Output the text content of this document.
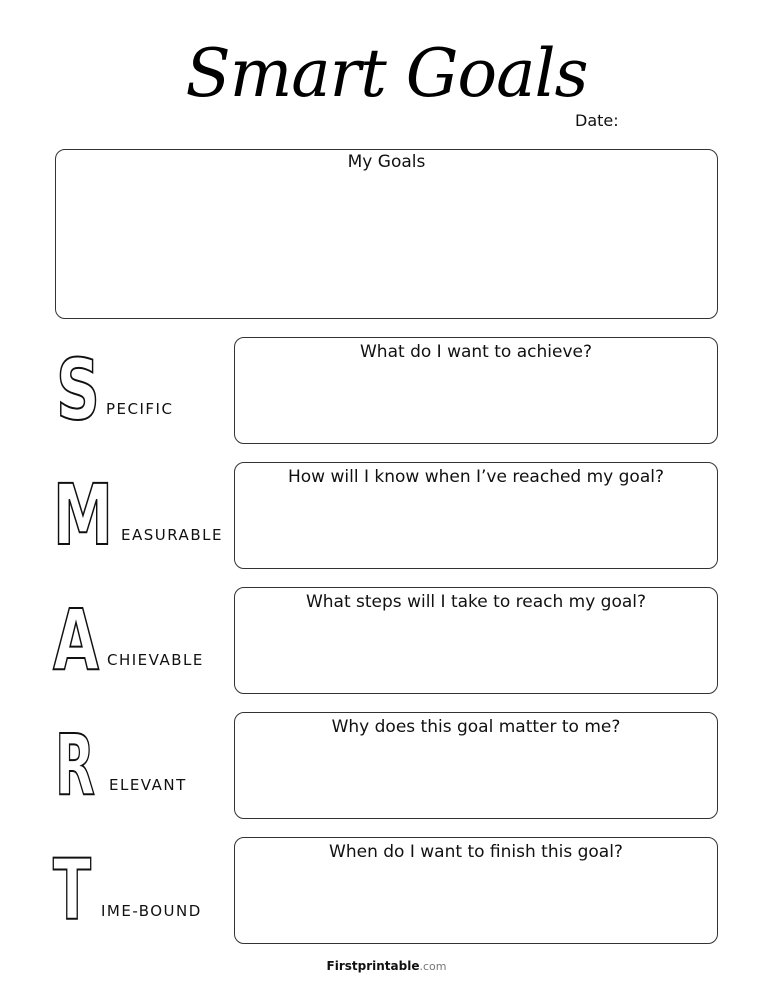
Smart Goals
Date:
My Goals
S PECIFIC
What do I want to achieve?
M EASURABLE
How will I know when I’ve reached my goal?
A CHIEVABLE
What steps will I take to reach my goal?
R ELEVANT
Why does this goal matter to me?
T IME-BOUND
When do I want to finish this goal?
Firstprintable.com
